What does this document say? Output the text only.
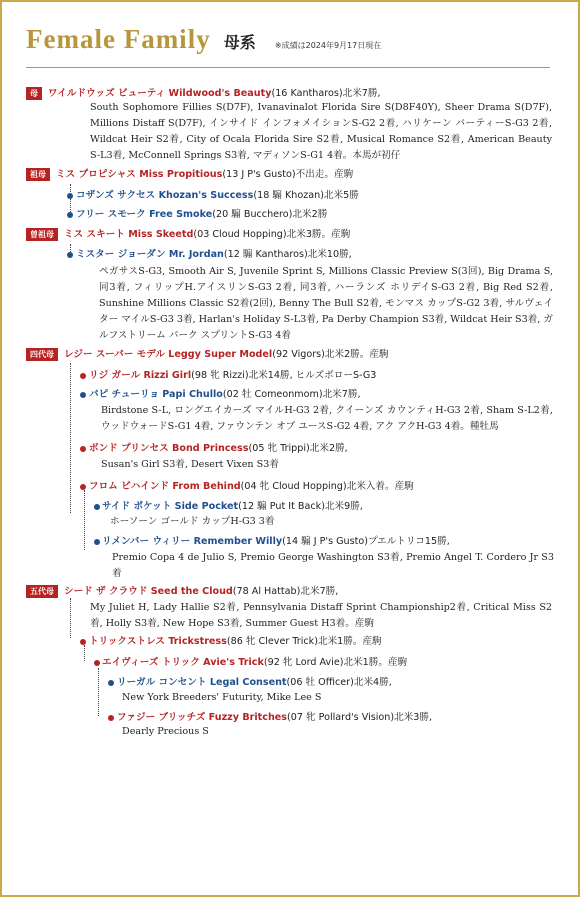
Female Family 母系 ※成績は2024年9月17日現在
母 ワイルドウッズ ビューティ Wildwood's Beauty(16 Kantharos)北米7勝,
South Sophomore Fillies S(D7F), Ivanavinalot Florida Sire S(D8F40Y), Sheer Drama S(D7F), Millions Distaff S(D7F), インサイド インフォメイションS-G2 2着, ハリケーン バーティーS-G3 2着, Wildcat Heir S2着, City of Ocala Florida Sire S2着, Musical Romance S2着, American Beauty S-L3着, McConnell Springs S3着, マディソンS-G1 4着。本馬が初仔
祖母 ミス プロピシャス Miss Propitious(13 J P's Gusto)不出走。産駒
コザンズ サクセス Khozan's Success(18 騸 Khozan)北米5勝
フリー スモーク Free Smoke(20 騸 Bucchero)北米2勝
曽祖母 ミス スキート Miss Skeetd(03 Cloud Hopping)北米3勝。産駒
ミスター ジョーダン Mr. Jordan(12 騸 Kantharos)北米10勝,
ペガサスS-G3, Smooth Air S, Juvenile Sprint S, Millions Classic Preview S(3回), Big Drama S, 同3着, フィリップH.アイスリンS-G3 2着, 同3着, ハーランズ ホリデイS-G3 2着, Big Red S2着, Sunshine Millions Classic S2着(2回), Benny The Bull S2着, モンマス カップS-G2 3着, サルヴェイター マイルS-G3 3着, Harlan's Holiday S-L3着, Pa Derby Champion S3着, Wildcat Heir S3着, ガルフストリーム パーク スプリントS-G3 4着
四代母 レジー スーパー モデル Leggy Super Model(92 Vigors)北米2勝。産駒
リジ ガール Rizzi Girl(98 牝 Rizzi)北米14勝, ヒルズボローS-G3
パピ チューリョ Papi Chullo(02 牡 Comeonmom)北米7勝,
Birdstone S-L, ロングエイカーズ マイルH-G3 2着, クイーンズ カウンティH-G3 2着, Sham S-L2着, ウッドウォードS-G1 4着, ファウンテン オブ ユースS-G2 4着, アク アクH-G3 4着。種牡馬
ボンド プリンセス Bond Princess(05 牝 Trippi)北米2勝,
Susan's Girl S3着, Desert Vixen S3着
フロム ビハインド From Behind(04 牝 Cloud Hopping)北米入着。産駒
サイド ポケット Side Pocket(12 騸 Put It Back)北米9勝,
ホーソーン ゴールド カップH-G3 3着
リメンバー ウィリー Remember Willy(14 騸 J P's Gusto)プエルトリコ15勝,
Premio Copa 4 de Julio S, Premio George Washington S3着, Premio Angel T. Cordero Jr S3着
五代母 シード ザ クラウド Seed the Cloud(78 Al Hattab)北米7勝,
My Juliet H, Lady Hallie S2着, Pennsylvania Distaff Sprint Championship2着, Critical Miss S2着, Holly S3着, New Hope S3着, Summer Guest H3着。産駒
トリックストレス Trickstress(86 牝 Clever Trick)北米1勝。産駒
エイヴィーズ トリック Avie's Trick(92 牝 Lord Avie)北米1勝。産駒
リーガル コンセント Legal Consent(06 牡 Officer)北米4勝,
New York Breeders' Futurity, Mike Lee S
ファジー ブリッチズ Fuzzy Britches(07 牝 Pollard's Vision)北米3勝,
Dearly Precious S
